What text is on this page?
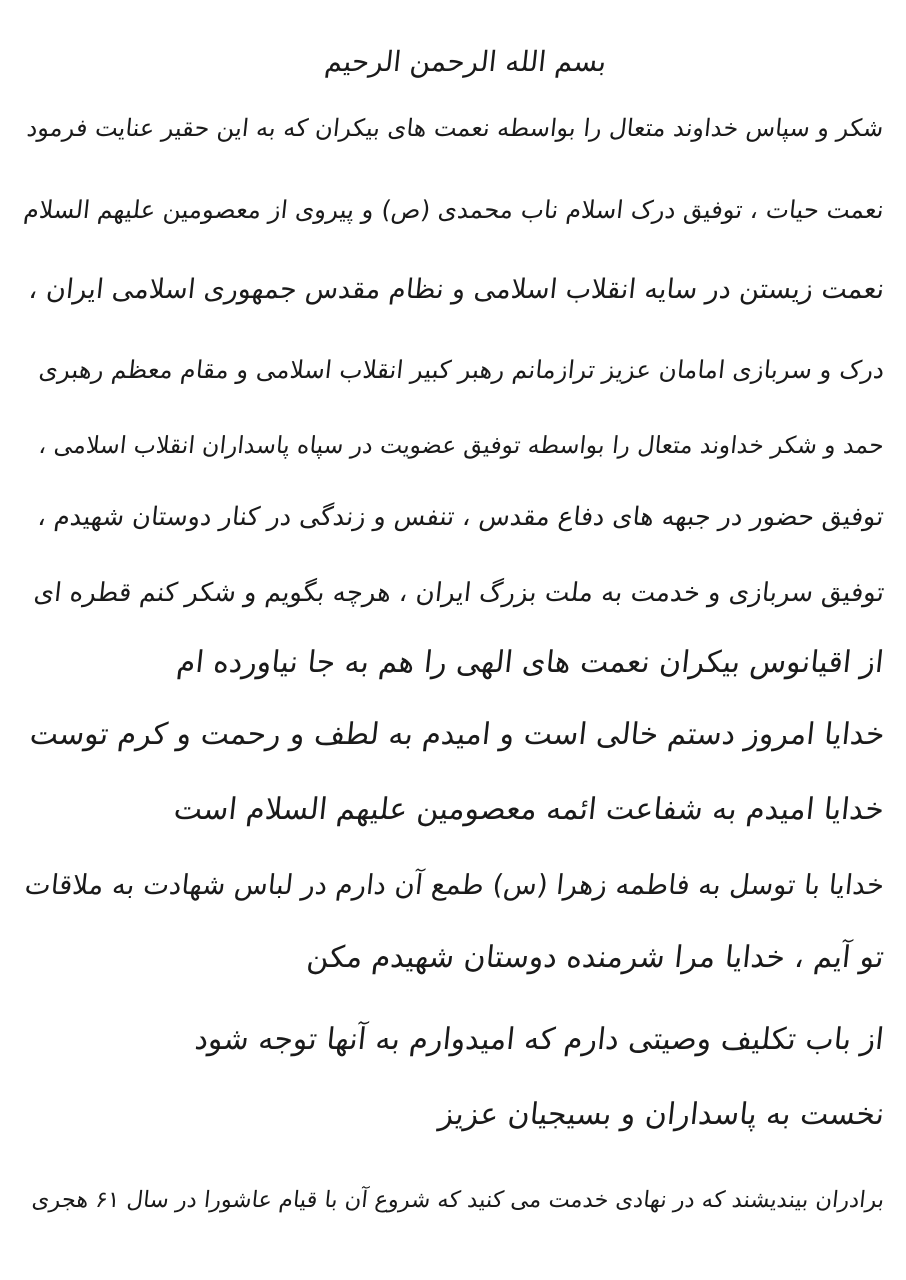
بسم الله الرحمن الرحیم
شکر و سپاس خداوند متعال را بواسطه نعمت های بیکران که به این حقیر عنایت فرمود
نعمت حیات ، توفیق درک اسلام ناب محمدی (ص) و پیروی از معصومین علیهم السلام
نعمت زیستن در سایه انقلاب اسلامی و نظام مقدس جمهوری اسلامی ایران ،
درک و سربازی امامان عزیز ترازمانم رهبر کبیر انقلاب اسلامی و مقام معظم رهبری
حمد و شکر خداوند متعال را بواسطه توفیق عضویت در سپاه پاسداران انقلاب اسلامی ،
توفیق حضور در جبهه های دفاع مقدس ، تنفس و زندگی در کنار دوستان شهیدم ،
توفیق سربازی و خدمت به ملت بزرگ ایران ، هرچه بگویم و شکر کنم قطره ای
از اقیانوس بیکران نعمت های الهی را هم به جا نیاورده ام
خدایا امروز دستم خالی است و امیدم به لطف و رحمت و کرم توست
خدایا امیدم به شفاعت ائمه معصومین علیهم السلام است
خدایا با توسل به فاطمه زهرا (س) طمع آن دارم در لباس شهادت به ملاقات
تو آیم ، خدایا مرا شرمنده دوستان شهیدم مکن
از باب تکلیف وصیتی دارم که امیدوارم به آنها توجه شود
نخست به پاسداران و بسیجیان عزیز
برادران بیندیشند که در نهادی خدمت می کنید که شروع آن با قیام عاشورا در سال ۶۱ هجری
